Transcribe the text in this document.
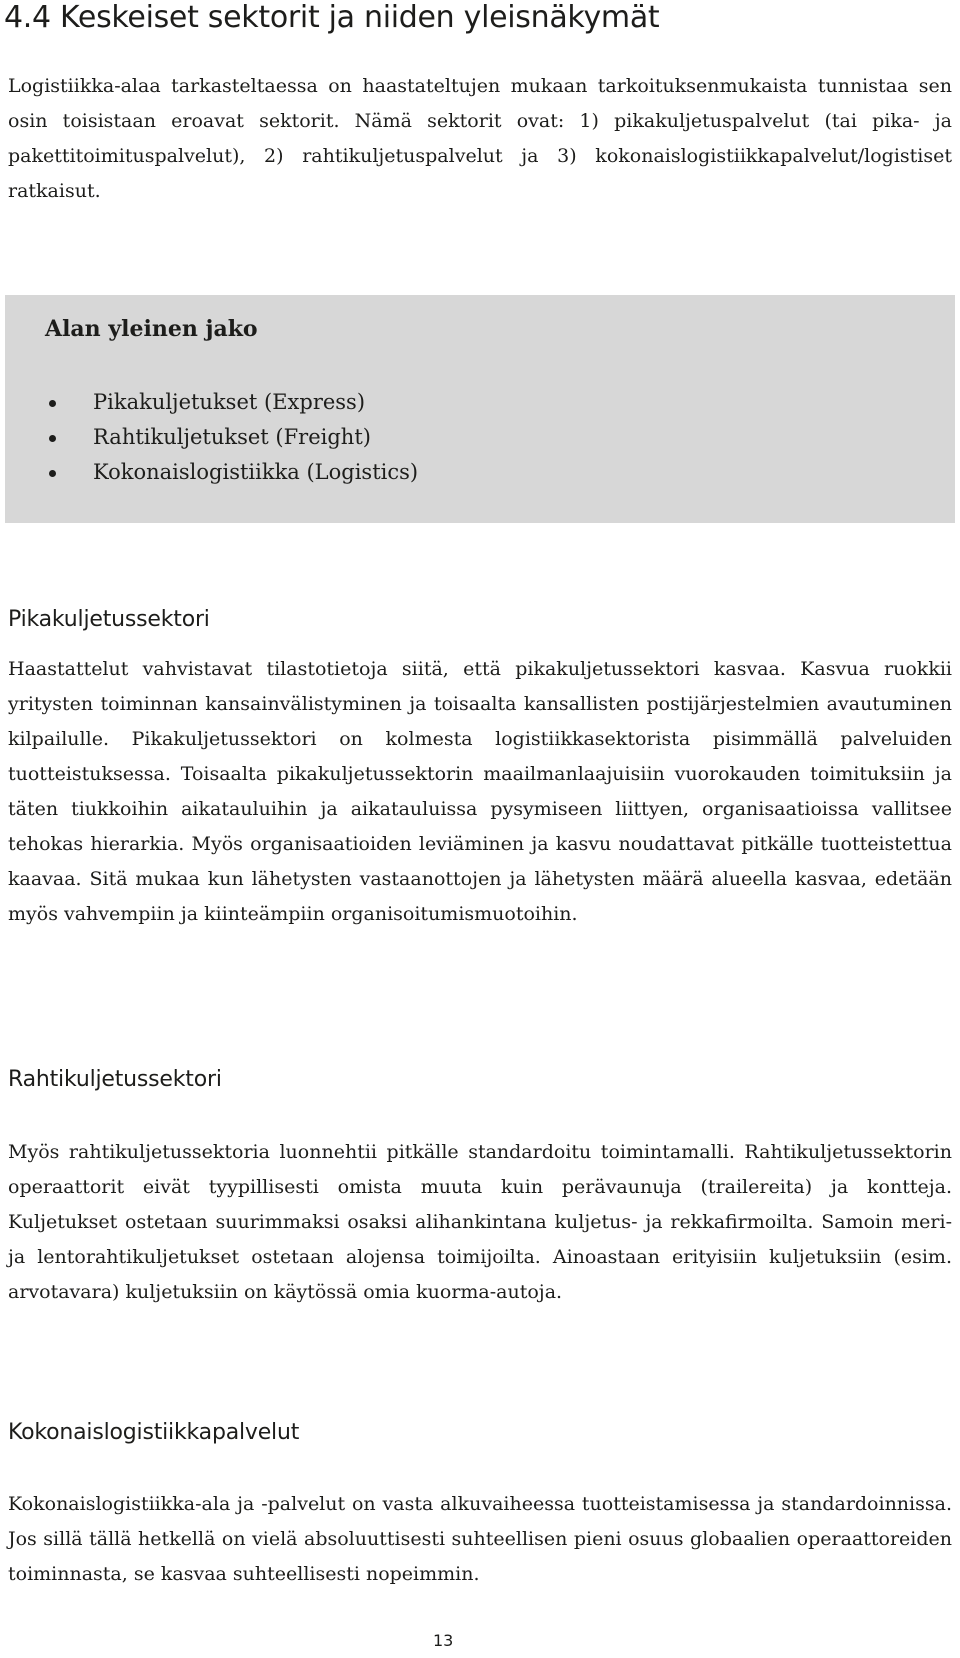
4.4 Keskeiset sektorit ja niiden yleisnäkymät

Logistiikka-alaa tarkasteltaessa on haastateltujen mukaan tarkoituksenmukaista tunnistaa sen osin toisistaan eroavat sektorit. Nämä sektorit ovat: 1) pikakuljetuspalvelut (tai pika- ja pakettitoimituspalvelut), 2) rahtikuljetuspalvelut ja 3) kokonaislogistiikkapalvelut/logistiset ratkaisut.

Alan yleinen jako
Pikakuljetukset (Express)
Rahtikuljetukset (Freight)
Kokonaislogistiikka (Logistics)
Pikakuljetussektori

Haastattelut vahvistavat tilastotietoja siitä, että pikakuljetussektori kasvaa. Kasvua ruokkii yritysten toiminnan kansainvälistyminen ja toisaalta kansallisten postijärjestelmien avautuminen kilpailulle. Pikakuljetussektori on kolmesta logistiikkasektorista pisimmällä palveluiden tuotteistuksessa. Toisaalta pikakuljetussektorin maailmanlaajuisiin vuorokauden toimituksiin ja täten tiukkoihin aikatauluihin ja aikatauluissa pysymiseen liittyen, organisaatioissa vallitsee tehokas hierarkia. Myös organisaatioiden leviäminen ja kasvu noudattavat pitkälle tuotteistettua kaavaa. Sitä mukaa kun lähetysten vastaanottojen ja lähetysten määrä alueella kasvaa, edetään myös vahvempiin ja kiinteämpiin organisoitumismuotoihin.

Rahtikuljetussektori

Myös rahtikuljetussektoria luonnehtii pitkälle standardoitu toimintamalli. Rahtikuljetussektorin operaattorit eivät tyypillisesti omista muuta kuin perävaunuja (trailereita) ja kontteja. Kuljetukset ostetaan suurimmaksi osaksi alihankintana kuljetus- ja rekkafirmoilta. Samoin meri- ja lentorahtikuljetukset ostetaan alojensa toimijoilta. Ainoastaan erityisiin kuljetuksiin (esim. arvotavara) kuljetuksiin on käytössä omia kuorma-autoja.

Kokonaislogistiikkapalvelut

Kokonaislogistiikka-ala ja -palvelut on vasta alkuvaiheessa tuotteistamisessa ja standardoinnissa. Jos sillä tällä hetkellä on vielä absoluuttisesti suhteellisen pieni osuus globaalien operaattoreiden toiminnasta, se kasvaa suhteellisesti nopeimmin.

13
